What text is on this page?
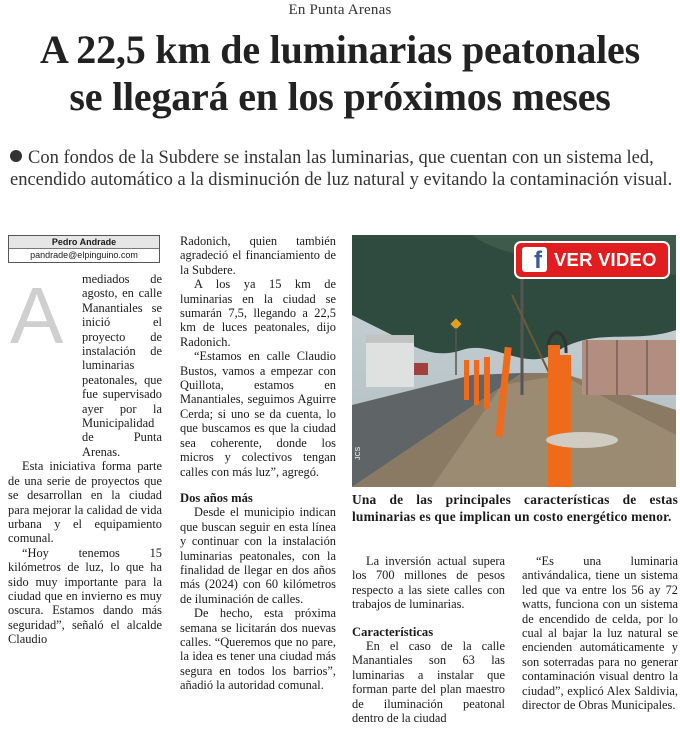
En Punta Arenas
A 22,5 km de luminarias peatonales
se llegará en los próximos meses

Con fondos de la Subdere se instalan las luminarias, que cuentan con un sistema led, encendido automático a la disminución de luz natural y evitando la contaminación visual.

Pedro Andrade
pandrade@elpinguino.com
A	mediados de agosto, en calle Manantiales se inició el proyecto de instalación de luminarias peatonales, que fue supervisado ayer por la Municipalidad de Punta Arenas.

Esta iniciativa forma parte de una serie de proyectos que se desarrollan en la ciudad para mejorar la calidad de vida urbana y el equipamiento comunal.

“Hoy tenemos 15 kilómetros de luz, lo que ha sido muy importante para la ciudad que en invierno es muy oscura. Estamos dando más seguridad”, señaló el alcalde Claudio

Radonich, quien también agradeció el financiamiento de la Subdere.

A los ya 15 km de luminarias en la ciudad se sumarán 7,5, llegando a 22,5 km de luces peatonales, dijo Radonich.

“Estamos en calle Claudio Bustos, vamos a empezar con Quillota, estamos en Manantiales, seguimos Aguirre Cerda; si uno se da cuenta, lo que buscamos es que la ciudad sea coherente, donde los micros y colectivos tengan calles con más luz”, agregó.

Dos años más

Desde el municipio indican que buscan seguir en esta línea y continuar con la instalación luminarias peatonales, con la finalidad de llegar en dos años más (2024) con 60 kilómetros de iluminación de calles.

De hecho, esta próxima semana se licitarán dos nuevas calles. “Queremos que no pare, la idea es tener una ciudad más segura en todos los barrios”, añadió la autoridad comunal.

f VER VIDEO
JCS
Una de las principales características de estas luminarias es que implican un costo energético menor.

La inversión actual supera los 700 millones de pesos respecto a las siete calles con trabajos de luminarias.

Características

En el caso de la calle Manantiales son 63 las luminarias a instalar que forman parte del plan maestro de iluminación peatonal dentro de la ciudad

“Es una luminaria antivándalica, tiene un sistema led que va entre los 56 ay 72 watts, funciona con un sistema de encendido de celda, por lo cual al bajar la luz natural se encienden automáticamente y son soterradas para no generar contaminación visual dentro la ciudad”, explicó Alex Saldivia, director de Obras Municipales.
